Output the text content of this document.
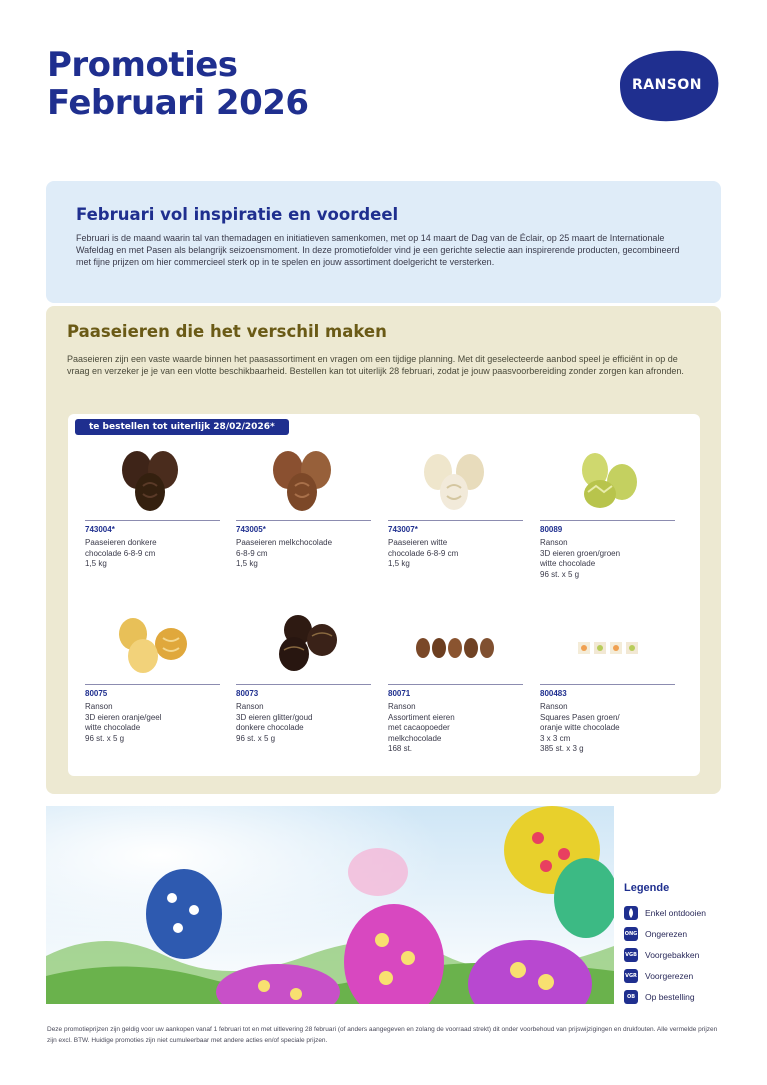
Promoties
Februari 2026	RANSON
Februari vol inspiratie en voordeel

Februari is de maand waarin tal van themadagen en initiatieven samenkomen, met op 14 maart de Dag van de Éclair, op 25 maart de Internationale Wafeldag en met Pasen als belangrijk seizoensmoment. In deze promotiefolder vind je een gerichte selectie aan inspirerende producten, gecombineerd met fijne prijzen om hier commercieel sterk op in te spelen en jouw assortiment doelgericht te versterken.

Paaseieren die het verschil maken

Paaseieren zijn een vaste waarde binnen het paasassortiment en vragen om een tijdige planning. Met dit geselecteerde aanbod speel je efficiënt in op de vraag en verzeker je je van een vlotte beschikbaarheid. Bestellen kan tot uiterlijk 28 februari, zodat je jouw paasvoorbereiding zonder zorgen kan afronden.

te bestellen tot uiterlijk 28/02/2026*
743004*
Paaseieren donkere
chocolade 6-8-9 cm
1,5 kg
743005*
Paaseieren melkchocolade
6-8-9 cm
1,5 kg
743007*
Paaseieren witte
chocolade 6-8-9 cm
1,5 kg
80089
Ranson
3D eieren groen/groen
witte chocolade
96 st. x 5 g
80075
Ranson
3D eieren oranje/geel
witte chocolade
96 st. x 5 g
80073
Ranson
3D eieren glitter/goud
donkere chocolade
96 st. x 5 g
80071
Ranson
Assortiment eieren
met cacaopoeder
melkchocolade
168 st.
800483
Ranson
Squares Pasen groen/
oranje witte chocolade
3 x 3 cm
385 st. x 3 g
Legende
Enkel ontdooien
ONG Ongerezen
VGB Voorgebakken
VGR Voorgerezen
OB	Op bestelling

Deze promotieprijzen zijn geldig voor uw aankopen vanaf 1 februari tot en met uitlevering 28 februari (of anders aangegeven en zolang de voorraad strekt) dit onder voorbehoud van prijswijzigingen en drukfouten. Alle vermelde prijzen zijn excl. BTW. Huidige promoties zijn niet cumuleerbaar met andere acties en/of speciale prijzen.
